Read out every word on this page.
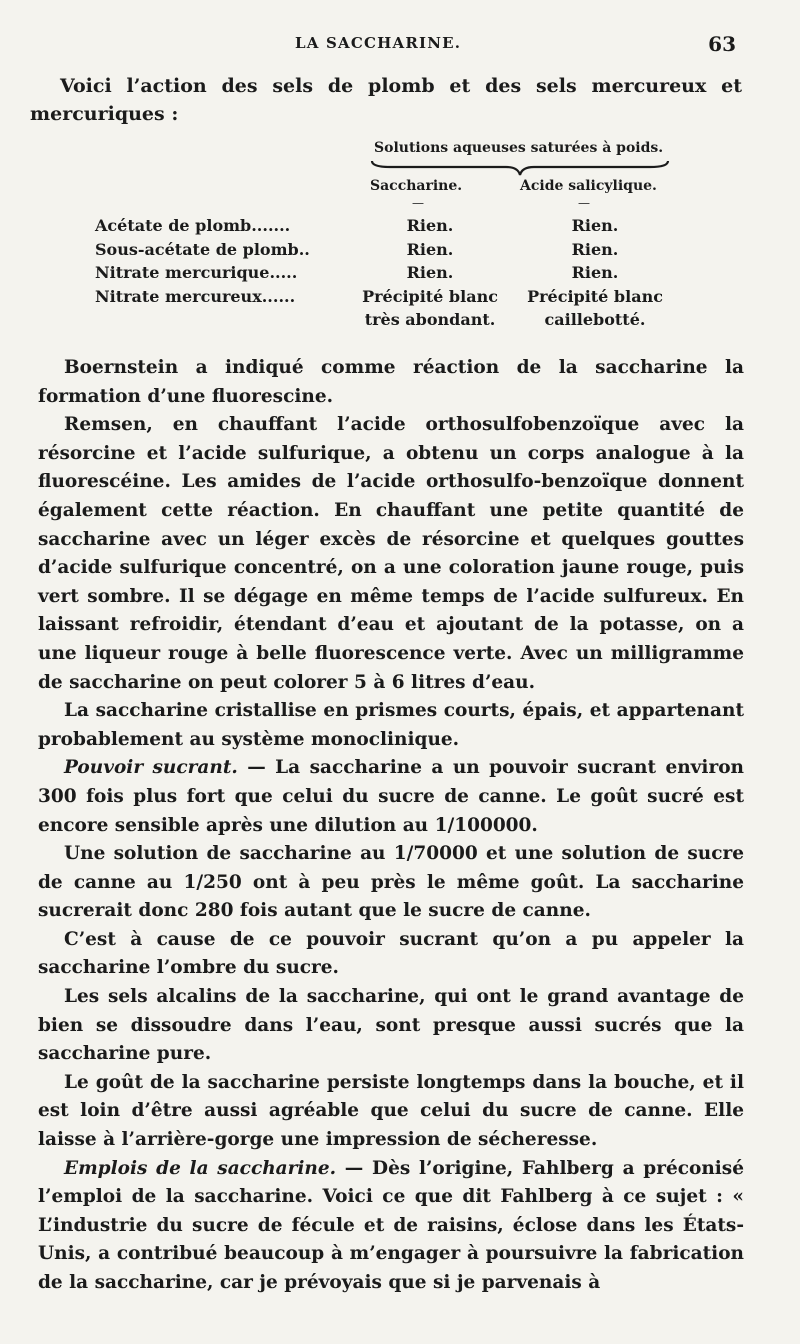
LA SACCHARINE.	63
Voici l’action des sels de plomb et des sels mercureux et mercuriques :
Solutions aqueuses saturées à poids.
Saccharine.	Acide salicylique.
—	—
Acétate de plomb.......	Rien.	Rien.
Sous-acétate de plomb..	Rien.	Rien.
Nitrate mercurique.....	Rien.	Rien.
Nitrate mercureux......	Précipité blanc	Précipité blanc
très abondant.	caillebotté.

Boernstein a indiqué comme réaction de la saccharine la formation d’une fluorescine.

Remsen, en chauffant l’acide orthosulfobenzoïque avec la résorcine et l’acide sulfurique, a obtenu un corps analogue à la fluorescéine. Les amides de l’acide orthosulfo-benzoïque donnent également cette réaction. En chauffant une petite quantité de saccharine avec un léger excès de résorcine et quelques gouttes d’acide sulfurique concentré, on a une coloration jaune rouge, puis vert sombre. Il se dégage en même temps de l’acide sulfureux. En laissant refroidir, étendant d’eau et ajoutant de la potasse, on a une liqueur rouge à belle fluorescence verte. Avec un milligramme de saccharine on peut colorer 5 à 6 litres d’eau.

La saccharine cristallise en prismes courts, épais, et appartenant probablement au système monoclinique.

Pouvoir sucrant. — La saccharine a un pouvoir sucrant environ 300 fois plus fort que celui du sucre de canne. Le goût sucré est encore sensible après une dilution au 1/100000.

Une solution de saccharine au 1/70000 et une solution de sucre de canne au 1/250 ont à peu près le même goût. La saccharine sucrerait donc 280 fois autant que le sucre de canne.

C’est à cause de ce pouvoir sucrant qu’on a pu appeler la saccharine l’ombre du sucre.

Les sels alcalins de la saccharine, qui ont le grand avantage de bien se dissoudre dans l’eau, sont presque aussi sucrés que la saccharine pure.

Le goût de la saccharine persiste longtemps dans la bouche, et il est loin d’être aussi agréable que celui du sucre de canne. Elle laisse à l’arrière-gorge une impression de sécheresse.

Emplois de la saccharine. — Dès l’origine, Fahlberg a préconisé l’emploi de la saccharine. Voici ce que dit Fahlberg à ce sujet : « L’industrie du sucre de fécule et de raisins, éclose dans les États-Unis, a contribué beaucoup à m’engager à poursuivre la fabrication de la saccharine, car je prévoyais que si je parvenais à
